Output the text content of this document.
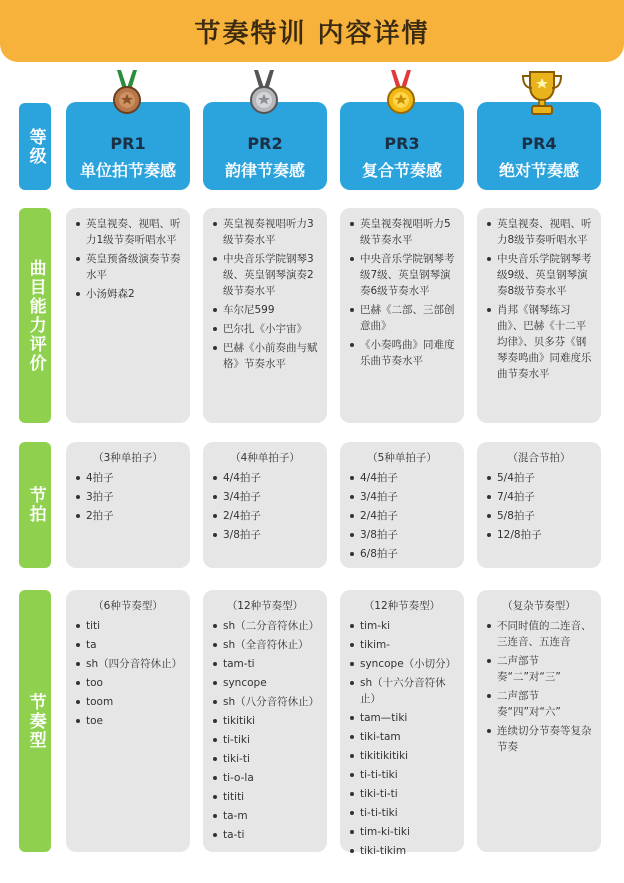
节奏特训 内容详情
等级
曲目能力评价
节拍
节奏型
PR1
单位拍节奏感
PR2
韵律节奏感
PR3
复合节奏感
PR4
绝对节奏感
英皇视奏、视唱、听力1级节奏听唱水平
英皇预备级演奏节奏水平
小汤姆森2
英皇视奏视唱听力3级节奏水平
中央音乐学院钢琴3级、英皇钢琴演奏2级节奏水平
车尔尼599
巴尔扎《小宇宙》
巴赫《小前奏曲与赋格》节奏水平
英皇视奏视唱听力5级节奏水平
中央音乐学院钢琴考级7级、英皇钢琴演奏6级节奏水平
巴赫《二部、三部创意曲》
《小奏鸣曲》同难度乐曲节奏水平
英皇视奏、视唱、听力8级节奏听唱水平
中央音乐学院钢琴考级9级、英皇钢琴演奏8级节奏水平
肖邦《钢琴练习曲》、巴赫《十二平均律》、贝多芬《钢琴奏鸣曲》同难度乐曲节奏水平
（3种单拍子）
4拍子
3拍子
2拍子
（4种单拍子）
4/4拍子
3/4拍子
2/4拍子
3/8拍子
（5种单拍子）
4/4拍子
3/4拍子
2/4拍子
3/8拍子
6/8拍子
（混合节拍）
5/4拍子
7/4拍子
5/8拍子
12/8拍子
（6种节奏型）
titi
ta
sh（四分音符休止）
too
toom
toe
（12种节奏型）
sh（二分音符休止）
sh（全音符休止）
tam-ti
syncope
sh（八分音符休止）
tikitiki
ti-tiki
tiki-ti
ti-o-la
tititi
ta-m
ta-ti
（12种节奏型）
tim-ki
tikim-
syncope（小切分）
sh（十六分音符休止）
tam—tiki
tiki-tam
tikitikitiki
ti-ti-tiki
tiki-ti-ti
ti-ti-tiki
tim-ki-tiki
tiki-tikim
（复杂节奏型）
不同时值的二连音、三连音、五连音
二声部节奏“二”对“三”
二声部节奏“四”对“六”
连续切分节奏等复杂节奏
